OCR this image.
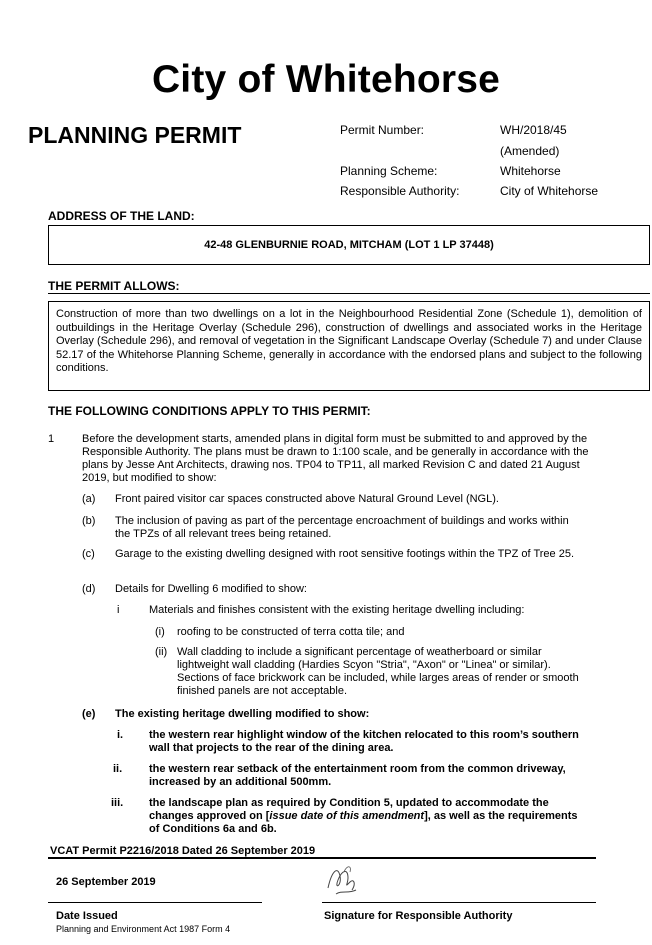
City of Whitehorse
PLANNING PERMIT	Permit Number:	WH/2018/45
(Amended)
Planning Scheme:	Whitehorse
Responsible Authority:	City of Whitehorse
ADDRESS OF THE LAND:
42-48 GLENBURNIE ROAD, MITCHAM (LOT 1 LP 37448)
THE PERMIT ALLOWS:
Construction of more than two dwellings on a lot in the Neighbourhood Residential Zone (Schedule 1), demolition of outbuildings in the Heritage Overlay (Schedule 296), construction of dwellings and associated works in the Heritage Overlay (Schedule 296), and removal of vegetation in the Significant Landscape Overlay (Schedule 7) and under Clause 52.17 of the Whitehorse Planning Scheme, generally in accordance with the endorsed plans and subject to the following conditions.
THE FOLLOWING CONDITIONS APPLY TO THIS PERMIT:
1	Before the development starts, amended plans in digital form must be submitted to and approved by the Responsible Authority. The plans must be drawn to 1:100 scale, and be generally in accordance with the plans by Jesse Ant Architects, drawing nos. TP04 to TP11, all marked Revision C and dated 21 August 2019, but modified to show:
(a) Front paired visitor car spaces constructed above Natural Ground Level (NGL).
(b) The inclusion of paving as part of the percentage encroachment of buildings and works within the TPZs of all relevant trees being retained.
(c) Garage to the existing dwelling designed with root sensitive footings within the TPZ of Tree 25.
(d) Details for Dwelling 6 modified to show:
i	Materials and finishes consistent with the existing heritage dwelling including:
(i) roofing to be constructed of terra cotta tile; and
(ii) Wall cladding to include a significant percentage of weatherboard or similar lightweight wall cladding (Hardies Scyon "Stria", "Axon" or "Linea" or similar). Sections of face brickwork can be included, while larges areas of render or smooth finished panels are not acceptable.
(e) The existing heritage dwelling modified to show:
i. the western rear highlight window of the kitchen relocated to this room’s southern wall that projects to the rear of the dining area.
ii. the western rear setback of the entertainment room from the common driveway, increased by an additional 500mm.
iii. the landscape plan as required by Condition 5, updated to accommodate the changes approved on [issue date of this amendment], as well as the requirements of Conditions 6a and 6b.
VCAT Permit P2216/2018 Dated 26 September 2019
26 September 2019
Date Issued	Signature for Responsible Authority
Planning and Environment Act 1987 Form 4
